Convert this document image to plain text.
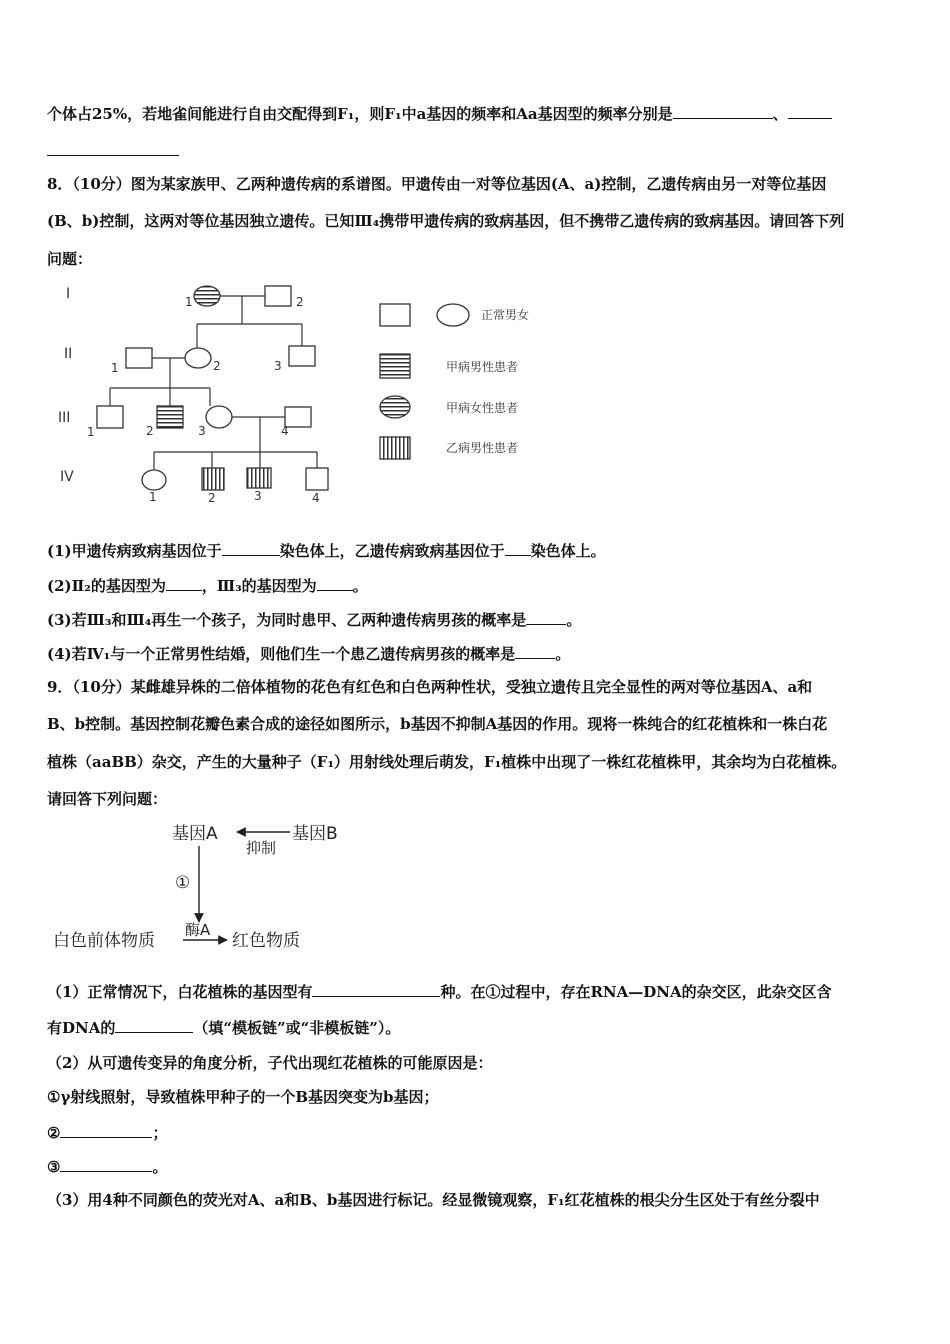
个体占25%，若地雀间能进行自由交配得到F₁，则F₁中a基因的频率和Aa基因型的频率分别是	、
8．（10分）图为某家族甲、乙两种遗传病的系谱图。甲遗传由一对等位基因(A、a)控制，乙遗传病由另一对等位基因
(B、b)控制，这两对等位基因独立遗传。已知Ⅲ₄携带甲遗传病的致病基因，但不携带乙遗传病的致病基因。请回答下列
问题：
I
II
III
IV
1	2
1	2	3
1	2	3	4
1	2	3	4
正常男女
甲病男性患者
甲病女性患者
乙病男性患者
(1)甲遗传病致病基因位于	染色体上，乙遗传病致病基因位于 染色体上。
(2)Ⅱ₂的基因型为 ，Ⅲ₃的基因型为 。
(3)若Ⅲ₃和Ⅲ₄再生一个孩子，为同时患甲、乙两种遗传病男孩的概率是	。
(4)若Ⅳ₁与一个正常男性结婚，则他们生一个患乙遗传病男孩的概率是	。
9．（10分）某雌雄异株的二倍体植物的花色有红色和白色两种性状，受独立遗传且完全显性的两对等位基因A、a和
B、b控制。基因控制花瓣色素合成的途径如图所示，b基因不抑制A基因的作用。现将一株纯合的红花植株和一株白花
植株（aaBB）杂交，产生的大量种子（F₁）用射线处理后萌发，F₁植株中出现了一株红花植株甲，其余均为白花植株。
请回答下列问题：
基因A	基因B
抑制
①
白色前体物质
酶A
红色物质
（1）正常情况下，白花植株的基因型有	种。在①过程中，存在RNA—DNA的杂交区，此杂交区含
有DNA的	（填“模板链”或“非模板链”）。
（2）从可遗传变异的角度分析，子代出现红花植株的可能原因是：
①γ射线照射，导致植株甲种子的一个B基因突变为b基因；
②	；
③	。
（3）用4种不同颜色的荧光对A、a和B、b基因进行标记。经显微镜观察，F₁红花植株的根尖分生区处于有丝分裂中
